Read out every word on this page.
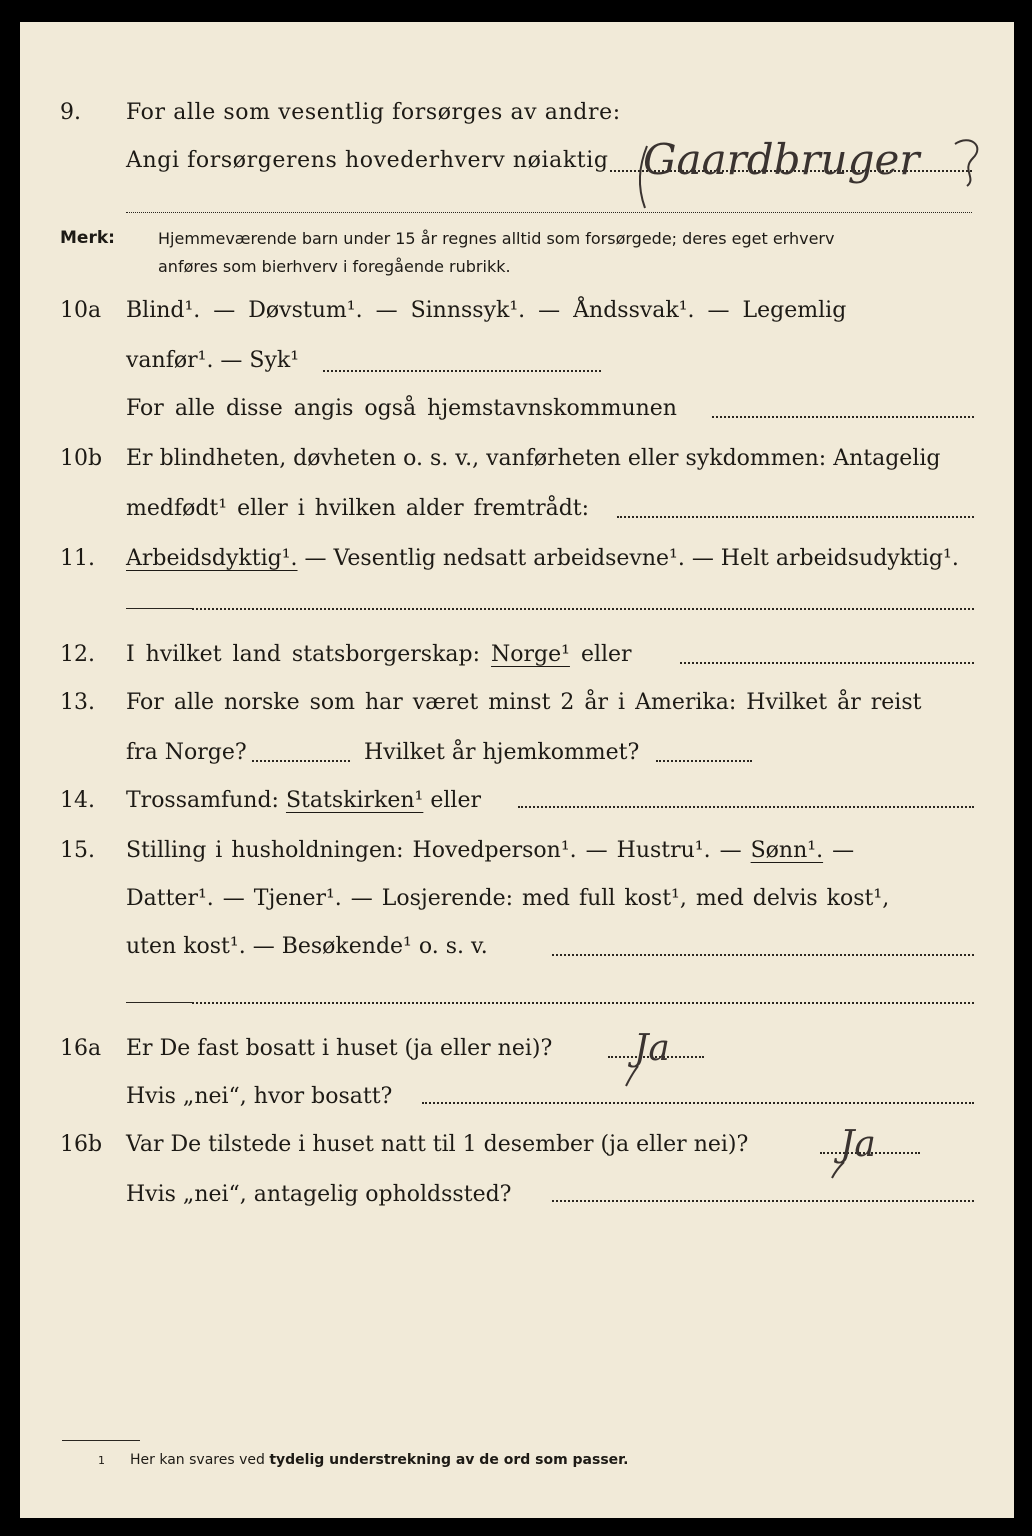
9. For alle som vesentlig forsørges av andre:
Angi forsørgerens hovederhverv nøiaktig Gaardbruger
Merk:	Hjemmeværende barn under 15 år regnes alltid som forsørgede; deres eget erhverv
anføres som bierhverv i foregående rubrikk.
10a Blind¹. — Døvstum¹. — Sinnssyk¹. — Åndssvak¹. — Legemlig
vanfør¹. — Syk¹
For alle disse angis også hjemstavnskommunen
10b Er blindheten, døvheten o. s. v., vanførheten eller sykdommen: Antagelig
medfødt¹ eller i hvilken alder fremtrådt:
11. Arbeidsdyktig¹. — Vesentlig nedsatt arbeidsevne¹. — Helt arbeidsudyktig¹.
12. I hvilket land statsborgerskap: Norge¹ eller
13. For alle norske som har været minst 2 år i Amerika: Hvilket år reist
fra Norge?	Hvilket år hjemkommet?
14. Trossamfund: Statskirken¹ eller
15. Stilling i husholdningen: Hovedperson¹. — Hustru¹. — Sønn¹. —
Datter¹. — Tjener¹. — Losjerende: med full kost¹, med delvis kost¹,
uten kost¹. — Besøkende¹ o. s. v.
16a Er De fast bosatt i huset (ja eller nei)? Ja
Hvis „nei“, hvor bosatt?
16b Var De tilstede i huset natt til 1 desember (ja eller nei)?	Ja
Hvis „nei“, antagelig opholdssted?
1 Her kan svares ved tydelig understrekning av de ord som passer.
